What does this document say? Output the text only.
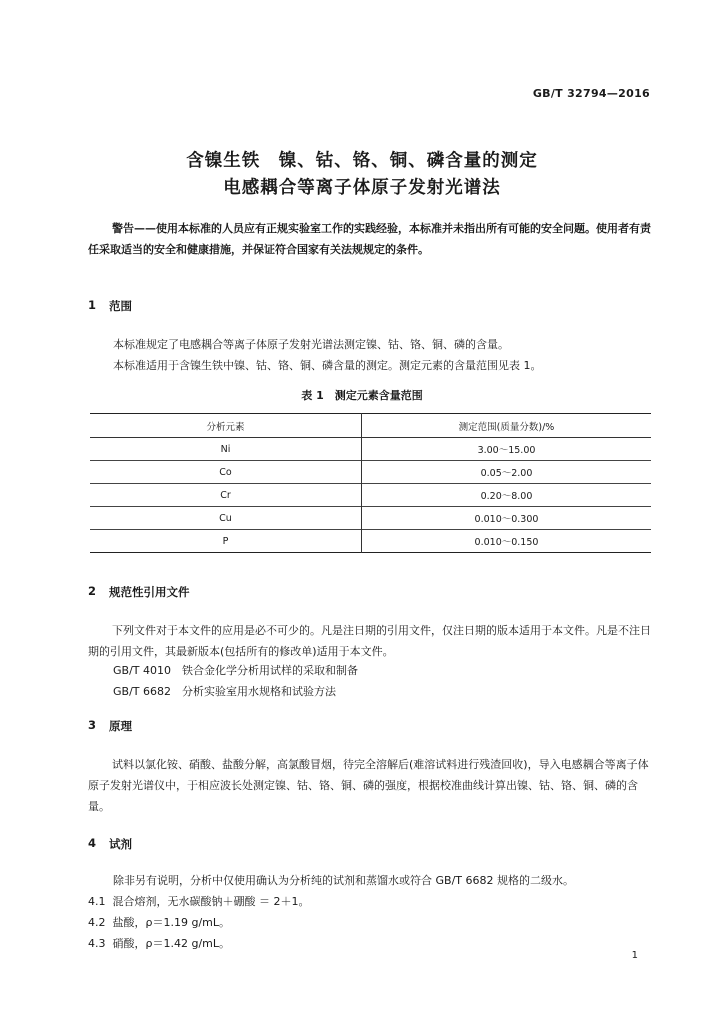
GB/T 32794—2016
含镍生铁　镍、钴、铬、铜、磷含量的测定
电感耦合等离子体原子发射光谱法
警告——使用本标准的人员应有正规实验室工作的实践经验，本标准并未指出所有可能的安全问题。使用者有责任采取适当的安全和健康措施，并保证符合国家有关法规规定的条件。
1 范围
本标准规定了电感耦合等离子体原子发射光谱法测定镍、钴、铬、铜、磷的含量。
本标准适用于含镍生铁中镍、钴、铬、铜、磷含量的测定。测定元素的含量范围见表 1。
表 1　测定元素含量范围
分析元素	测定范围(质量分数)/%
Ni	3.00～15.00
Co	0.05～2.00
Cr	0.20～8.00
Cu	0.010～0.300
P	0.010～0.150
2 规范性引用文件
下列文件对于本文件的应用是必不可少的。凡是注日期的引用文件，仅注日期的版本适用于本文件。凡是不注日期的引用文件，其最新版本(包括所有的修改单)适用于本文件。
GB/T 4010　铁合金化学分析用试样的采取和制备
GB/T 6682　分析实验室用水规格和试验方法
3 原理
试料以氯化铵、硝酸、盐酸分解，高氯酸冒烟，待完全溶解后(难溶试料进行残渣回收)，导入电感耦合等离子体原子发射光谱仪中，于相应波长处测定镍、钴、铬、铜、磷的强度，根据校准曲线计算出镍、钴、铬、铜、磷的含量。
4 试剂
除非另有说明，分析中仅使用确认为分析纯的试剂和蒸馏水或符合 GB/T 6682 规格的二级水。
4.1 混合熔剂，无水碳酸钠＋硼酸 ＝ 2＋1。
4.2 盐酸，ρ＝1.19 g/mL。
4.3 硝酸，ρ＝1.42 g/mL。
1
